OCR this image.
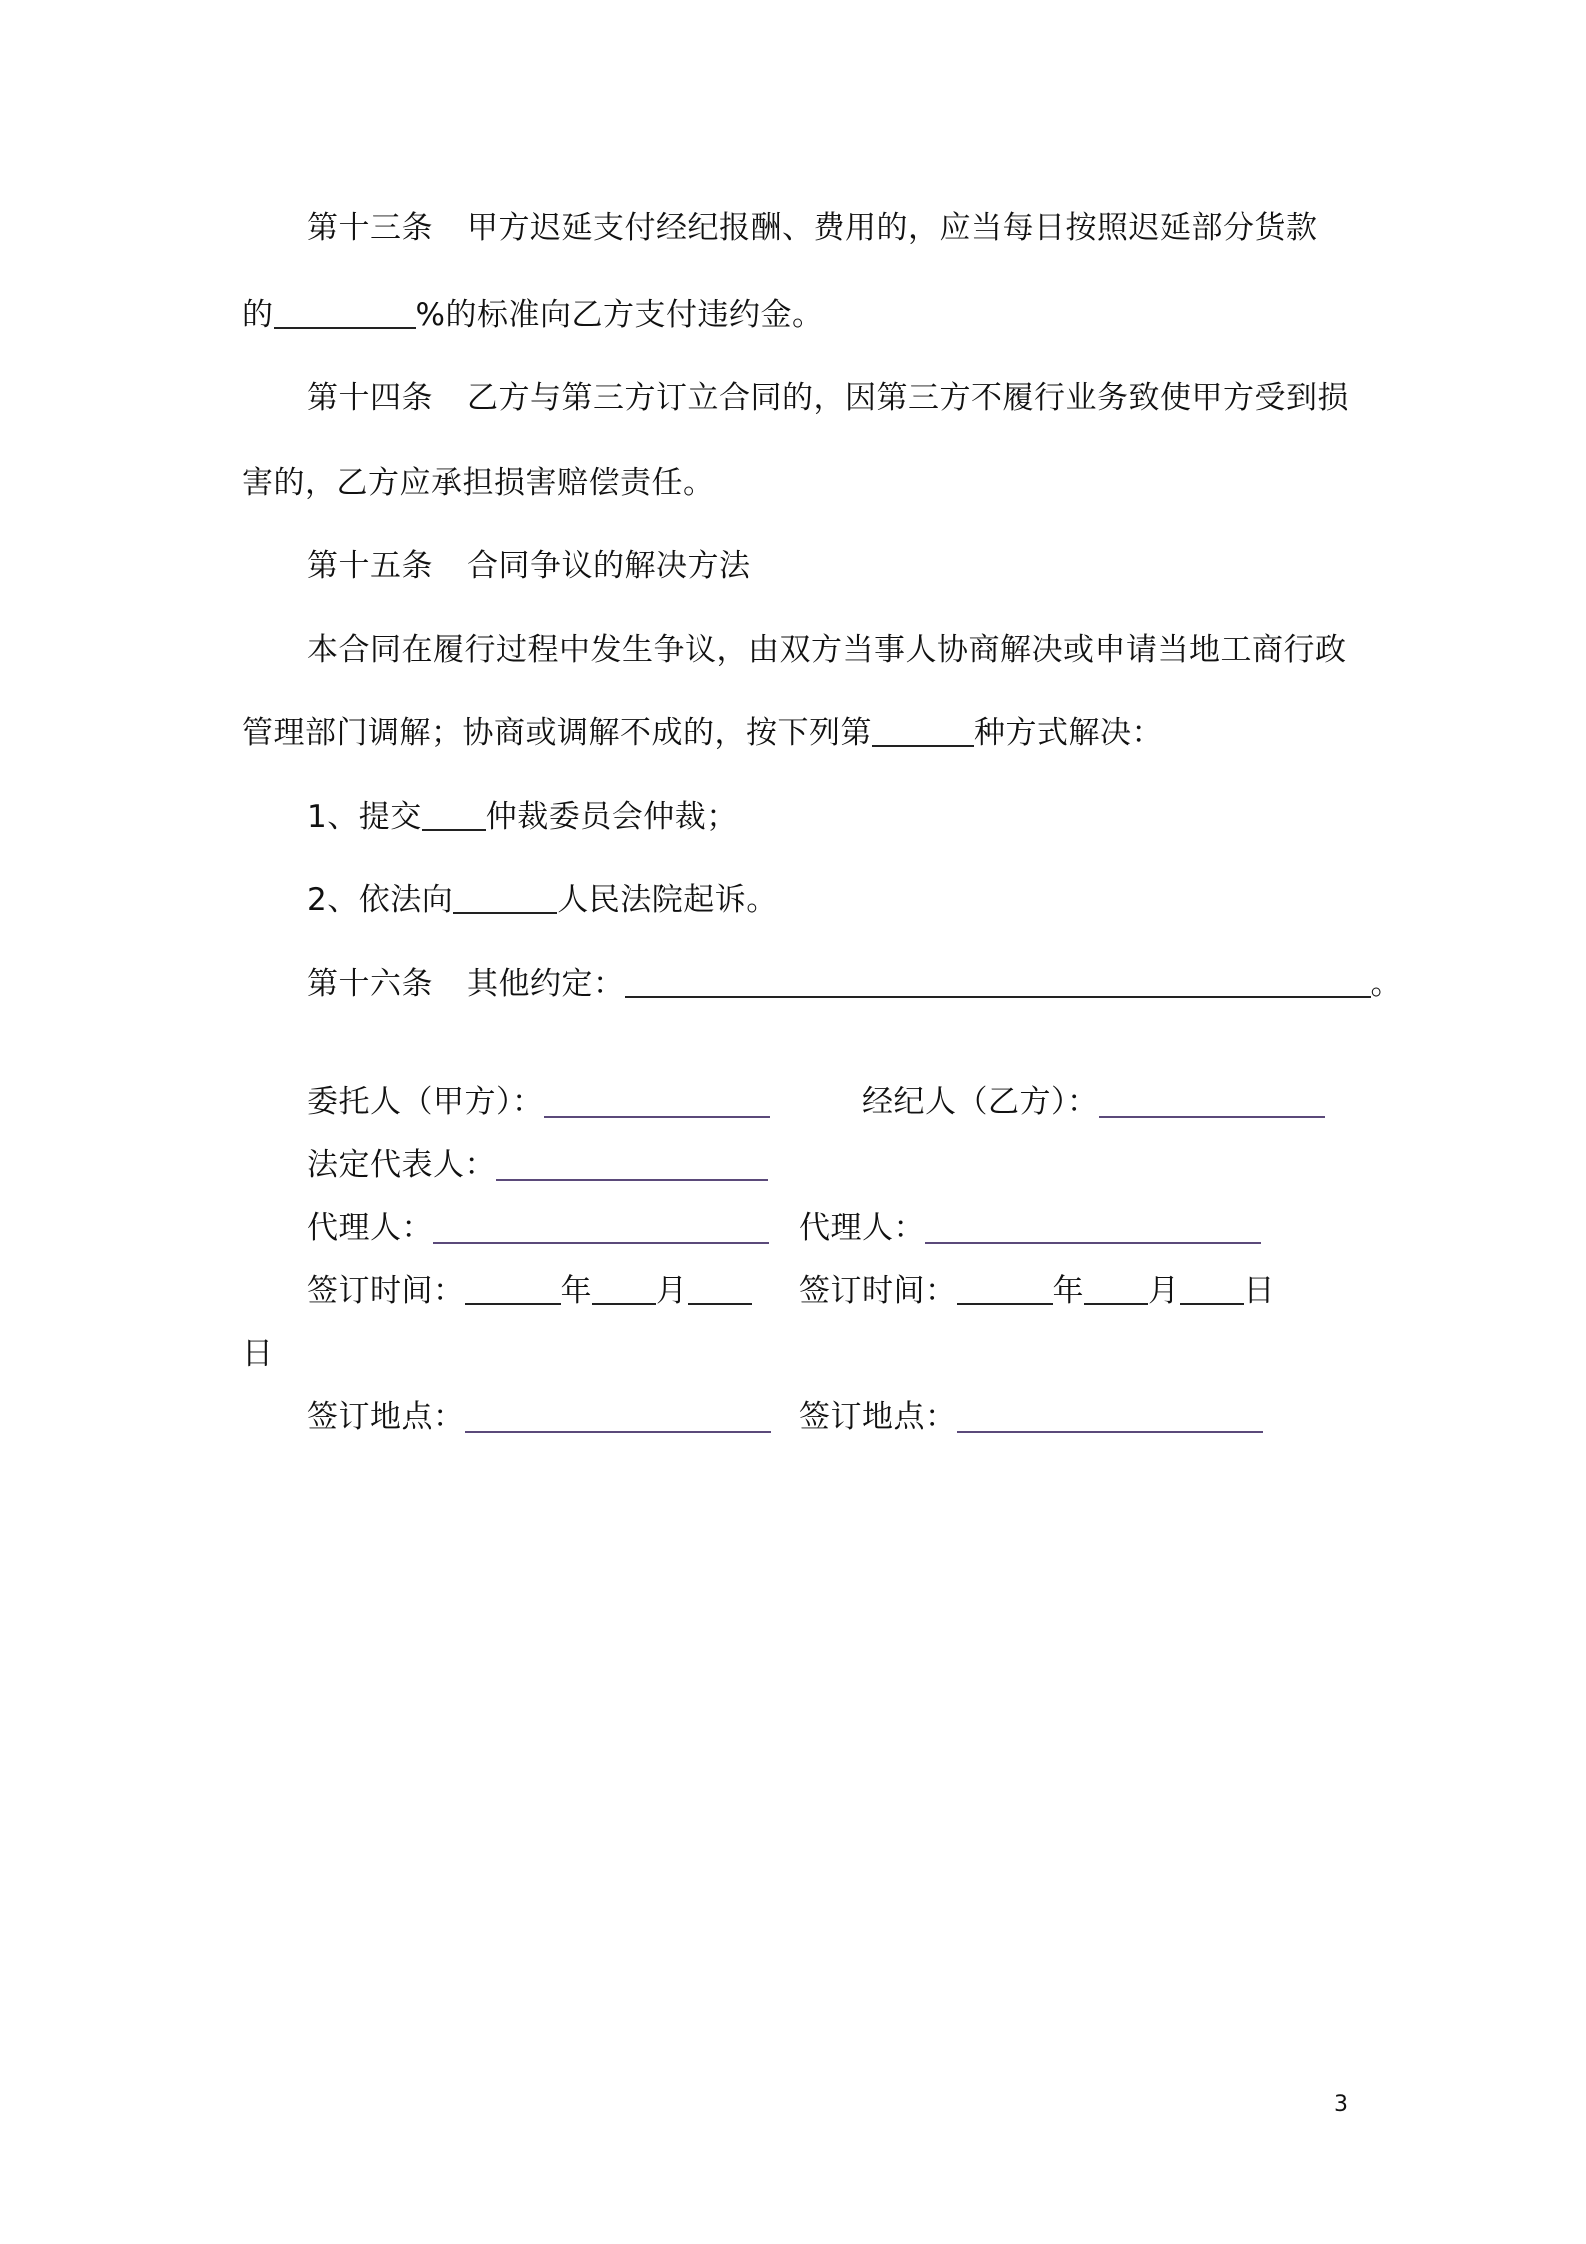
第十三条 甲方迟延支付经纪报酬、费用的，应当每日按照迟延部分货款
的	%的标准向乙方支付违约金。
第十四条 乙方与第三方订立合同的，因第三方不履行业务致使甲方受到损
害的，乙方应承担损害赔偿责任。
第十五条 合同争议的解决方法
本合同在履行过程中发生争议，由双方当事人协商解决或申请当地工商行政
管理部门调解；协商或调解不成的，按下列第	种方式解决：
1、提交 仲裁委员会仲裁；
2、依法向	人民法院起诉。
第十六条 其他约定：	。
委托人（甲方）：	经纪人（乙方）：
法定代表人：
代理人：	代理人：
签订时间：	年 月
日
签订时间：	年 月 日
签订地点：	签订地点：
3
